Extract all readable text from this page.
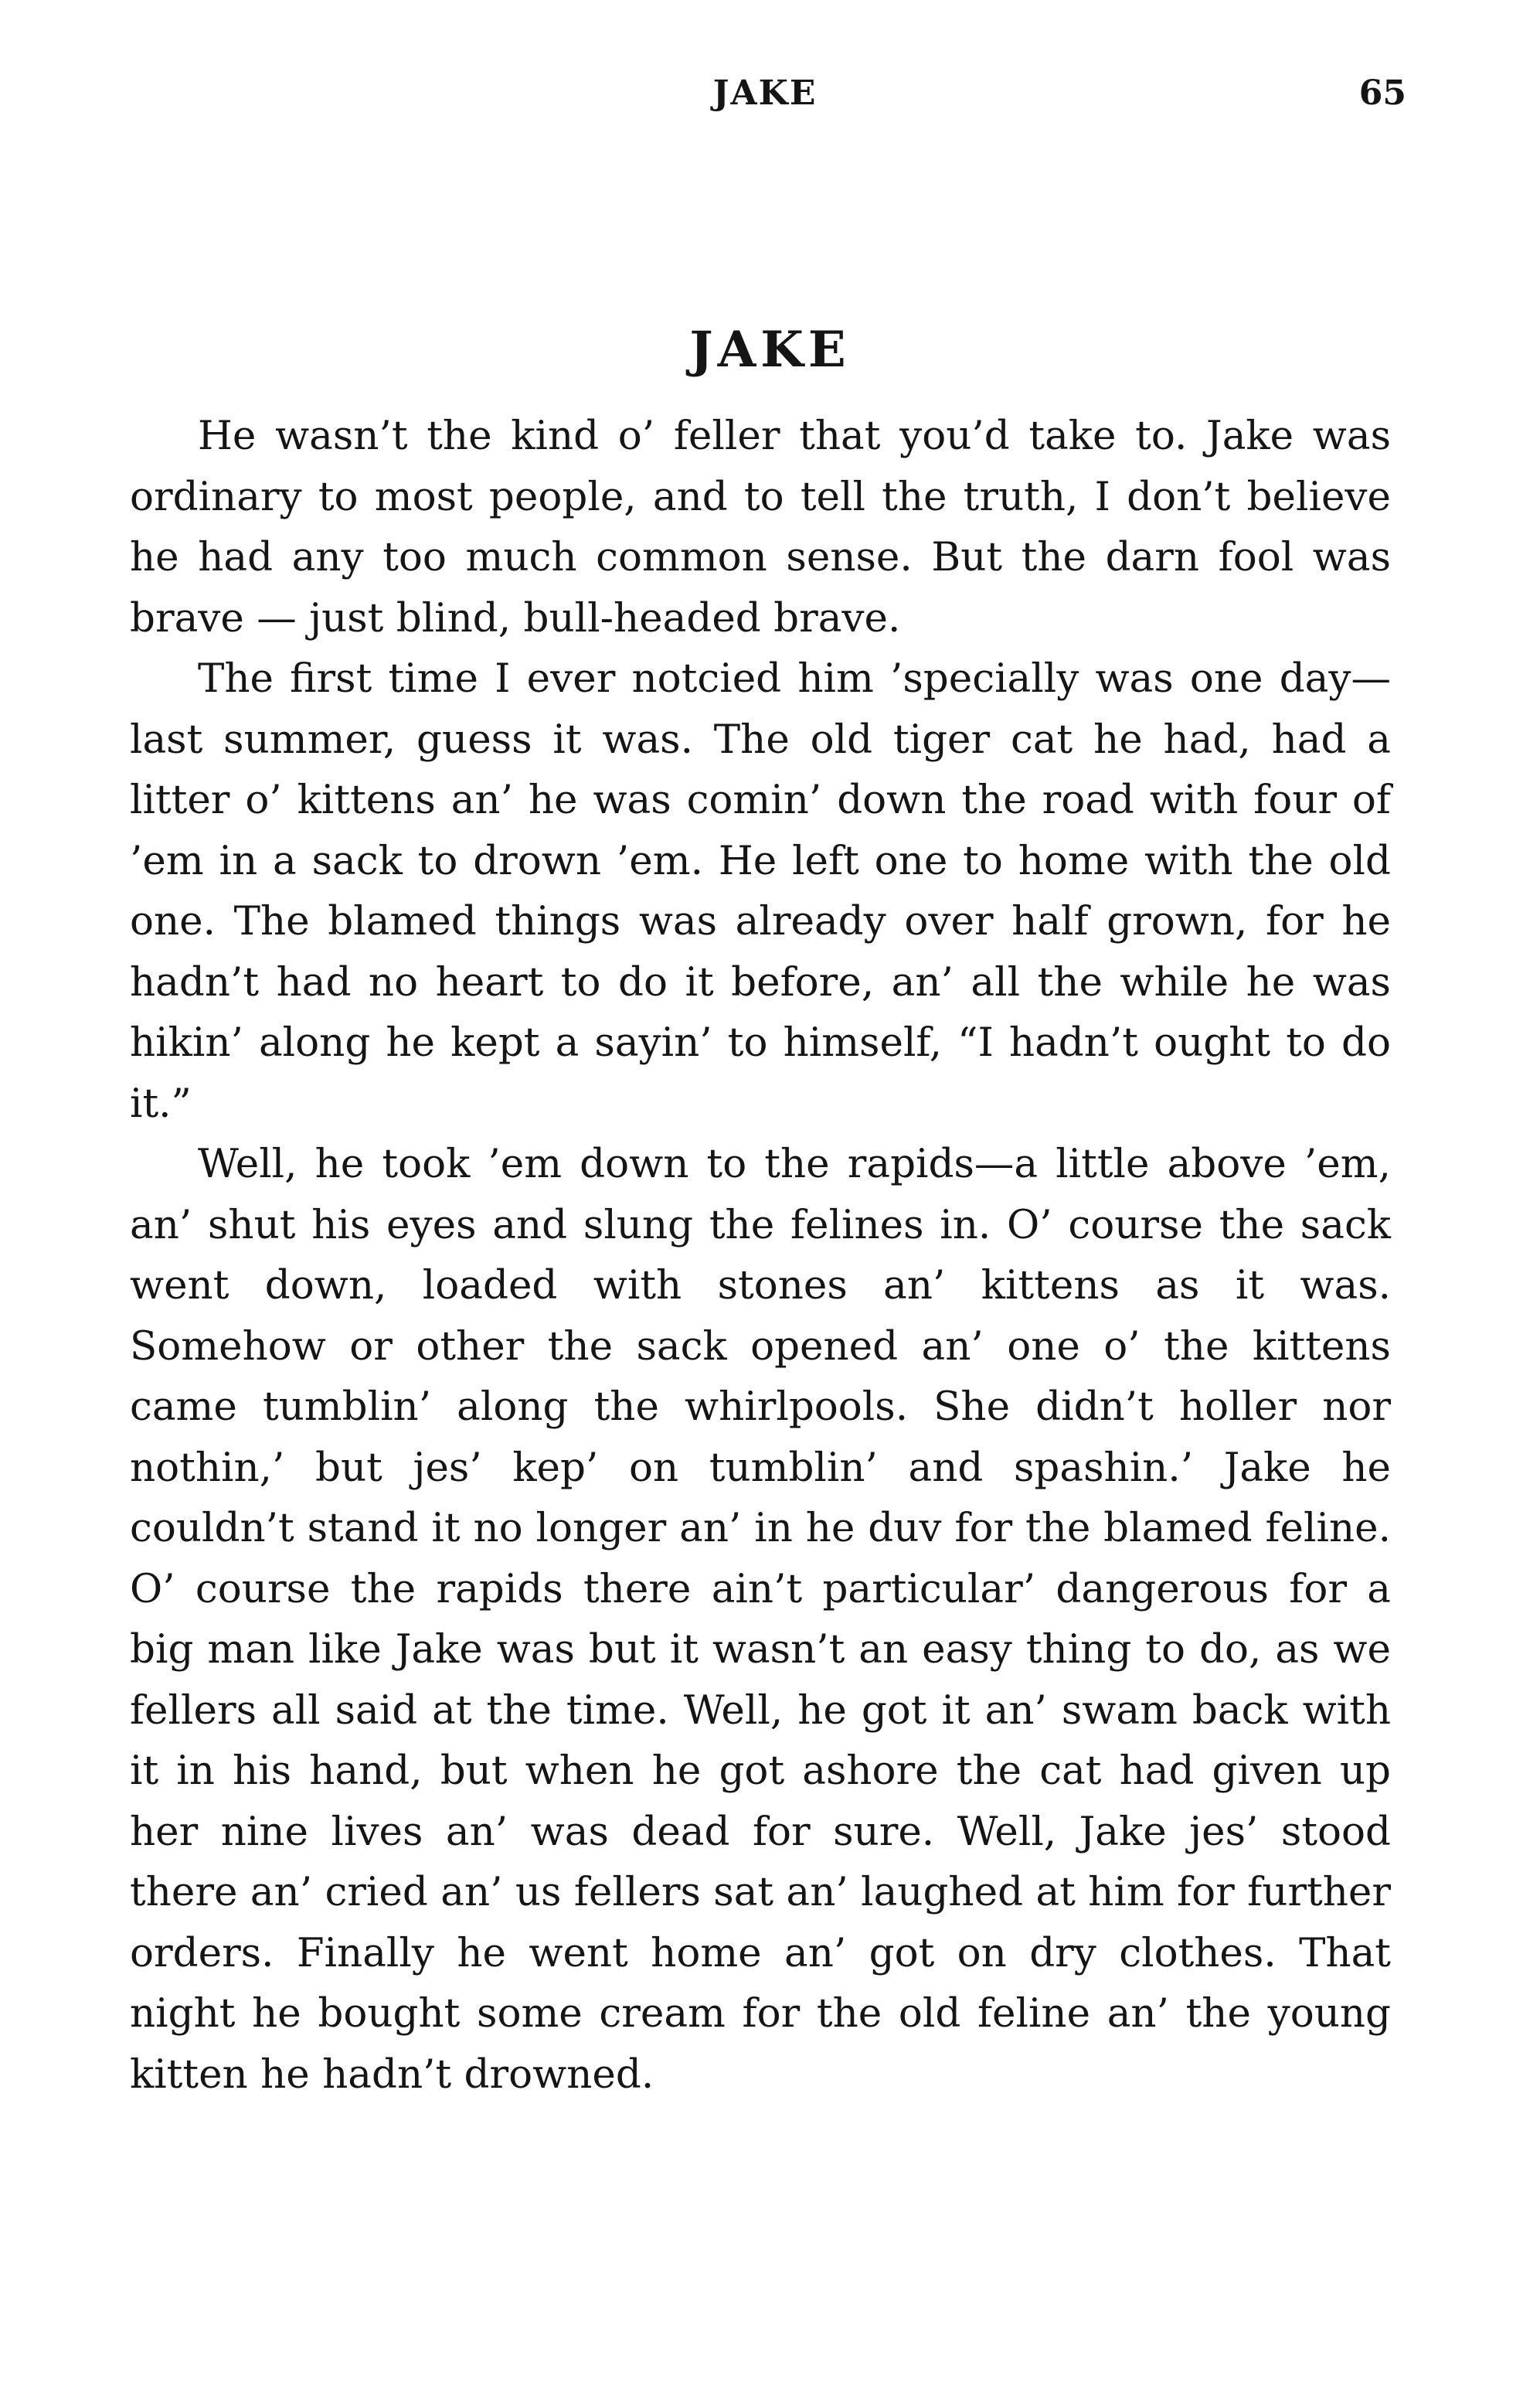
JAKE	65
JAKE

He wasn’t the kind o’ feller that you’d take to. Jake was ordinary to most people, and to tell the truth, I don’t believe he had any too much common sense. But the darn fool was brave — just blind, bull-headed brave.

The first time I ever notcied him ’specially was one day—last summer, guess it was. The old tiger cat he had, had a litter o’ kittens an’ he was comin’ down the road with four of ’em in a sack to drown ’em. He left one to home with the old one. The blamed things was already over half grown, for he hadn’t had no heart to do it before, an’ all the while he was hikin’ along he kept a sayin’ to himself, “I hadn’t ought to do it.”

Well, he took ’em down to the rapids—a little above ’em, an’ shut his eyes and slung the felines in. O’ course the sack went down, loaded with stones an’ kittens as it was. Somehow or other the sack opened an’ one o’ the kittens came tumblin’ along the whirlpools. She didn’t holler nor nothin,’ but jes’ kep’ on tumblin’ and spashin.’ Jake he couldn’t stand it no longer an’ in he duv for the blamed feline. O’ course the rapids there ain’t particular’ dangerous for a big man like Jake was but it wasn’t an easy thing to do, as we fellers all said at the time. Well, he got it an’ swam back with it in his hand, but when he got ashore the cat had given up her nine lives an’ was dead for sure. Well, Jake jes’ stood there an’ cried an’ us fellers sat an’ laughed at him for further orders. Finally he went home an’ got on dry clothes. That night he bought some cream for the old feline an’ the young kitten he hadn’t drowned.
